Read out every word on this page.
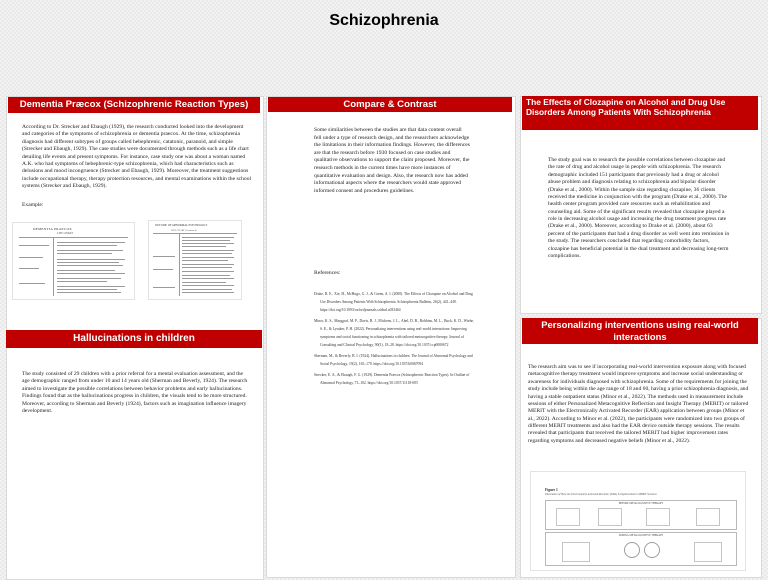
Schizophrenia
Dementia Præcox (Schizophrenic Reaction Types)
According to Dr. Strecker and Ebaugh (1929), the research conducted looked into the development and categories of the symptoms of schizophrenia or dementia praecox. At the time, schizophrenia diagnosis had different subtypes of groups called hebephrenic, catatonic, paranoid, and simple (Strecker and Ebaugh, 1929). The case studies were documented through methods such as a life chart detailing life events and present symptoms. For instance, case study one was about a woman named A.K. who had symptoms of hebephrenic-type schizophrenia, which had characteristics such as delusions and mood incongruence (Strecker and Ebaugh, 1929). Moreover, the treatment suggestions include occupational therapy, therapy protection resources, and mental examinations within the school systems (Strecker and Ebaugh, 1929).
Example:
DEMENTIA PRAECOX
LIFE CHART
OUTLINE OF ABNORMAL PSYCHOLOGY
LIFE CHART (Continued)
Hallucinations in children
The study consisted of 29 children with a prior referral for a mental evaluation assessment, and the age demographic ranged from under 10 and 14 years old (Sherman and Beverly, 1924). The research aimed to investigate the possible correlations between behavior problems and early hallucinations. Findings found that as the hallucinations progress in children, the visuals tend to be more structured. Moreover, according to Sherman and Beverly (1924), factors such as imagination influence imagery development.
Compare & Contrast
Some similarities between the studies are that data content overall fell under a type of research design, and the researchers acknowledge the limitations in their information findings. However, the differences are that the research before 1930 focused on case studies and qualitative observations to support the claim proposed. Moreover, the research methods in the current times have more instances of quantitative evaluation and design. Also, the research now has added informational aspects where the researchers would state approved informed consent and procedures guidelines.
References:

Drake, R. E., Xie, H., McHugo, G. J., & Green, A. I. (2000). The Effects of Clozapine on Alcohol and Drug Use Disorders Among Patients With Schizophrenia. Schizophrenia Bulletin, 26(2), 441–449. https://doi.org/10.1093/oxfordjournals.schbul.a033464

Minor, K. S., Marggraf, M. P., Davis, B. J., Mickens, J. L., Abel, D. B., Robbins, M. L., Buck, K. D., Wiehe, S. E., & Lysaker, P. H. (2022). Personalizing interventions using real-world interactions: Improving symptoms and social functioning in schizophrenia with tailored metacognitive therapy. Journal of Consulting and Clinical Psychology, 90(1), 18–28. https://doi.org/10.1037/ccp0000672

Sherman, M., & Beverly, B. I. (1924). Hallucinations in children. The Journal of Abnormal Psychology and Social Psychology, 19(2), 165–170. https://doi.org/10.1037/h0067094

Strecker, E. A., & Ebaugh, F. G. (1929). Dementia Præcox (Schizophrenic Reaction Types). In Outline of Abnormal Psychology, 73–102. https://doi.org/10.1037/11118-005

The Effects of Clozapine on Alcohol and Drug Use Disorders Among Patients With Schizophrenia
The study goal was to research the possible correlations between clozapine and the rate of drug and alcohol usage in people with schizophrenia. The research demographic included 151 participants that previously had a drug or alcohol abuse problem and diagnosis relating to schizophrenia and bipolar disorder (Drake et al., 2000). Within the sample size regarding clozapine, 36 clients received the medicine in conjunction with the program (Drake et al., 2000). The health center program provided care resources such as rehabilitation and counseling aid. Some of the significant results revealed that clozapine played a role in decreasing alcohol usage and increasing the drug treatment progress rate (Drake et al., 2000). Moreover, according to Drake et al. (2000), about 63 percent of the participants that had a drug disorder as well went into remission in the study. The researchers concluded that regarding comorbidity factors, clozapine has beneficial potential in the dual treatment and decreasing long-term complications.
Personalizing interventions using real-world interactions
The research aim was to see if incorporating real-world intervention exposure along with focused metacognitive therapy treatment would improve symptoms and increase social understanding or awareness for individuals diagnosed with schizophrenia. Some of the requirements for joining the study include being within the age range of 18 and 60, having a prior schizophrenia diagnosis, and having a stable outpatient status (Minor et al., 2022). The methods used in measurement include sessions of either Personalized Metacognitive Reflection and Insight Therapy (MERIT) or tailored MERIT with the Electronically Activated Recorder (EAR) application between groups (Minor et al., 2022). According to Minor et al. (2022), the participants were randomized into two groups of different MERIT treatments and also had the EAR device outside therapy sessions. The results revealed that participants that received the tailored MERIT had higher improvement rates regarding symptoms and decreased negative beliefs (Minor et al., 2022).
Figure 1
Illustration of How the Electronically Activated Recorder (EAR) Is Implemented in MERIT Sessions
BEFORE METACOGNITIVE THERAPY
DURING METACOGNITIVE THERAPY
